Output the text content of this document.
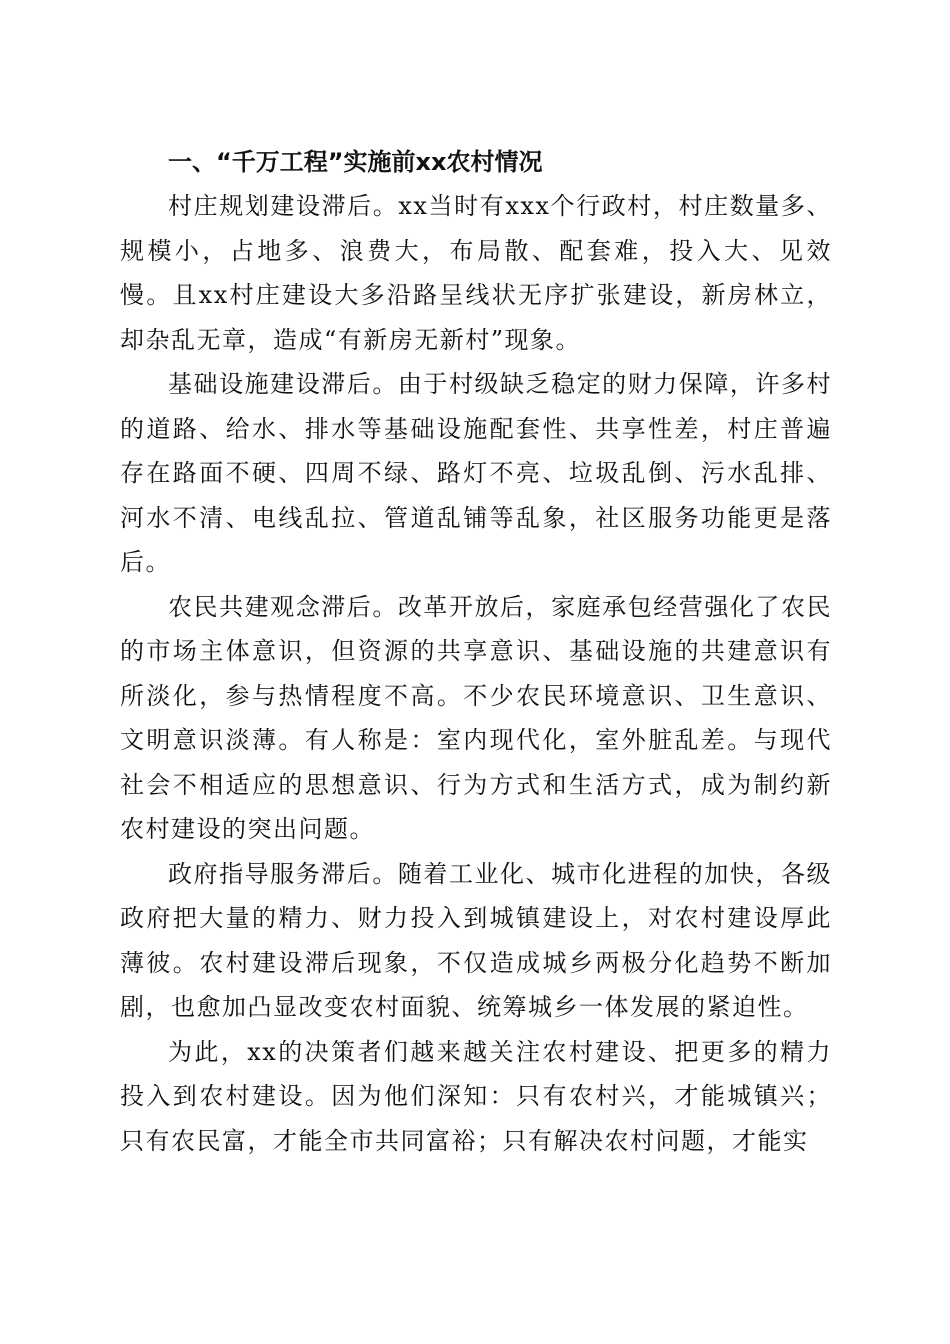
一、“千万工程”实施前xx农村情况

村庄规划建设滞后。xx当时有xxx个行政村，村庄数量多、规模小，占地多、浪费大，布局散、配套难，投入大、见效慢。且xx村庄建设大多沿路呈线状无序扩张建设，新房林立，却杂乱无章，造成“有新房无新村”现象。

基础设施建设滞后。由于村级缺乏稳定的财力保障，许多村的道路、给水、排水等基础设施配套性、共享性差，村庄普遍存在路面不硬、四周不绿、路灯不亮、垃圾乱倒、污水乱排、河水不清、电线乱拉、管道乱铺等乱象，社区服务功能更是落后。

农民共建观念滞后。改革开放后，家庭承包经营强化了农民的市场主体意识，但资源的共享意识、基础设施的共建意识有所淡化，参与热情程度不高。不少农民环境意识、卫生意识、文明意识淡薄。有人称是：室内现代化，室外脏乱差。与现代社会不相适应的思想意识、行为方式和生活方式，成为制约新农村建设的突出问题。

政府指导服务滞后。随着工业化、城市化进程的加快，各级政府把大量的精力、财力投入到城镇建设上，对农村建设厚此薄彼。农村建设滞后现象，不仅造成城乡两极分化趋势不断加剧，也愈加凸显改变农村面貌、统筹城乡一体发展的紧迫性。

为此，xx的决策者们越来越关注农村建设、把更多的精力投入到农村建设。因为他们深知：只有农村兴，才能城镇兴；只有农民富，才能全市共同富裕；只有解决农村问题，才能实
